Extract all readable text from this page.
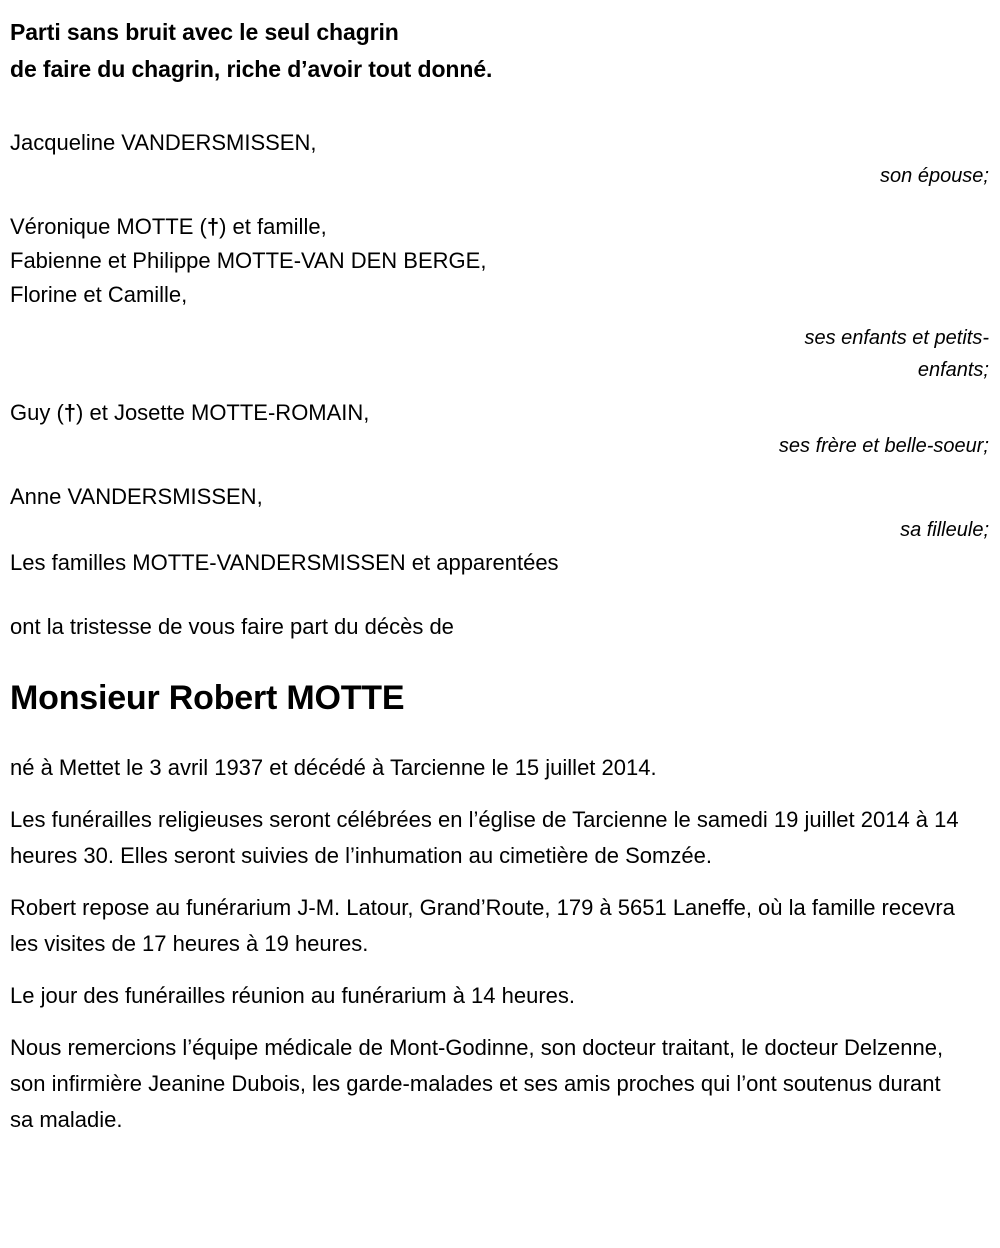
Parti sans bruit avec le seul chagrin
de faire du chagrin, riche d’avoir tout donné.
Jacqueline VANDERSMISSEN,
son épouse;
Véronique MOTTE (†) et famille,
Fabienne et Philippe MOTTE-VAN DEN BERGE,
Florine et Camille,
ses enfants et petits-enfants;
Guy (†) et Josette MOTTE-ROMAIN,
ses frère et belle-soeur;
Anne VANDERSMISSEN,
sa filleule;
Les familles MOTTE-VANDERSMISSEN et apparentées
ont la tristesse de vous faire part du décès de
Monsieur Robert MOTTE

né à Mettet le 3 avril 1937 et décédé à Tarcienne le 15 juillet 2014.

Les funérailles religieuses seront célébrées en l’église de Tarcienne le samedi 19 juillet 2014 à 14 heures 30. Elles seront suivies de l’inhumation au cimetière de Somzée.

Robert repose au funérarium J-M. Latour, Grand’Route, 179 à 5651 Laneffe, où la famille recevra les visites de 17 heures à 19 heures.

Le jour des funérailles réunion au funérarium à 14 heures.

Nous remercions l’équipe médicale de Mont-Godinne, son docteur traitant, le docteur Delzenne, son infirmière Jeanine Dubois, les garde-malades et ses amis proches qui l’ont soutenus durant sa maladie.
